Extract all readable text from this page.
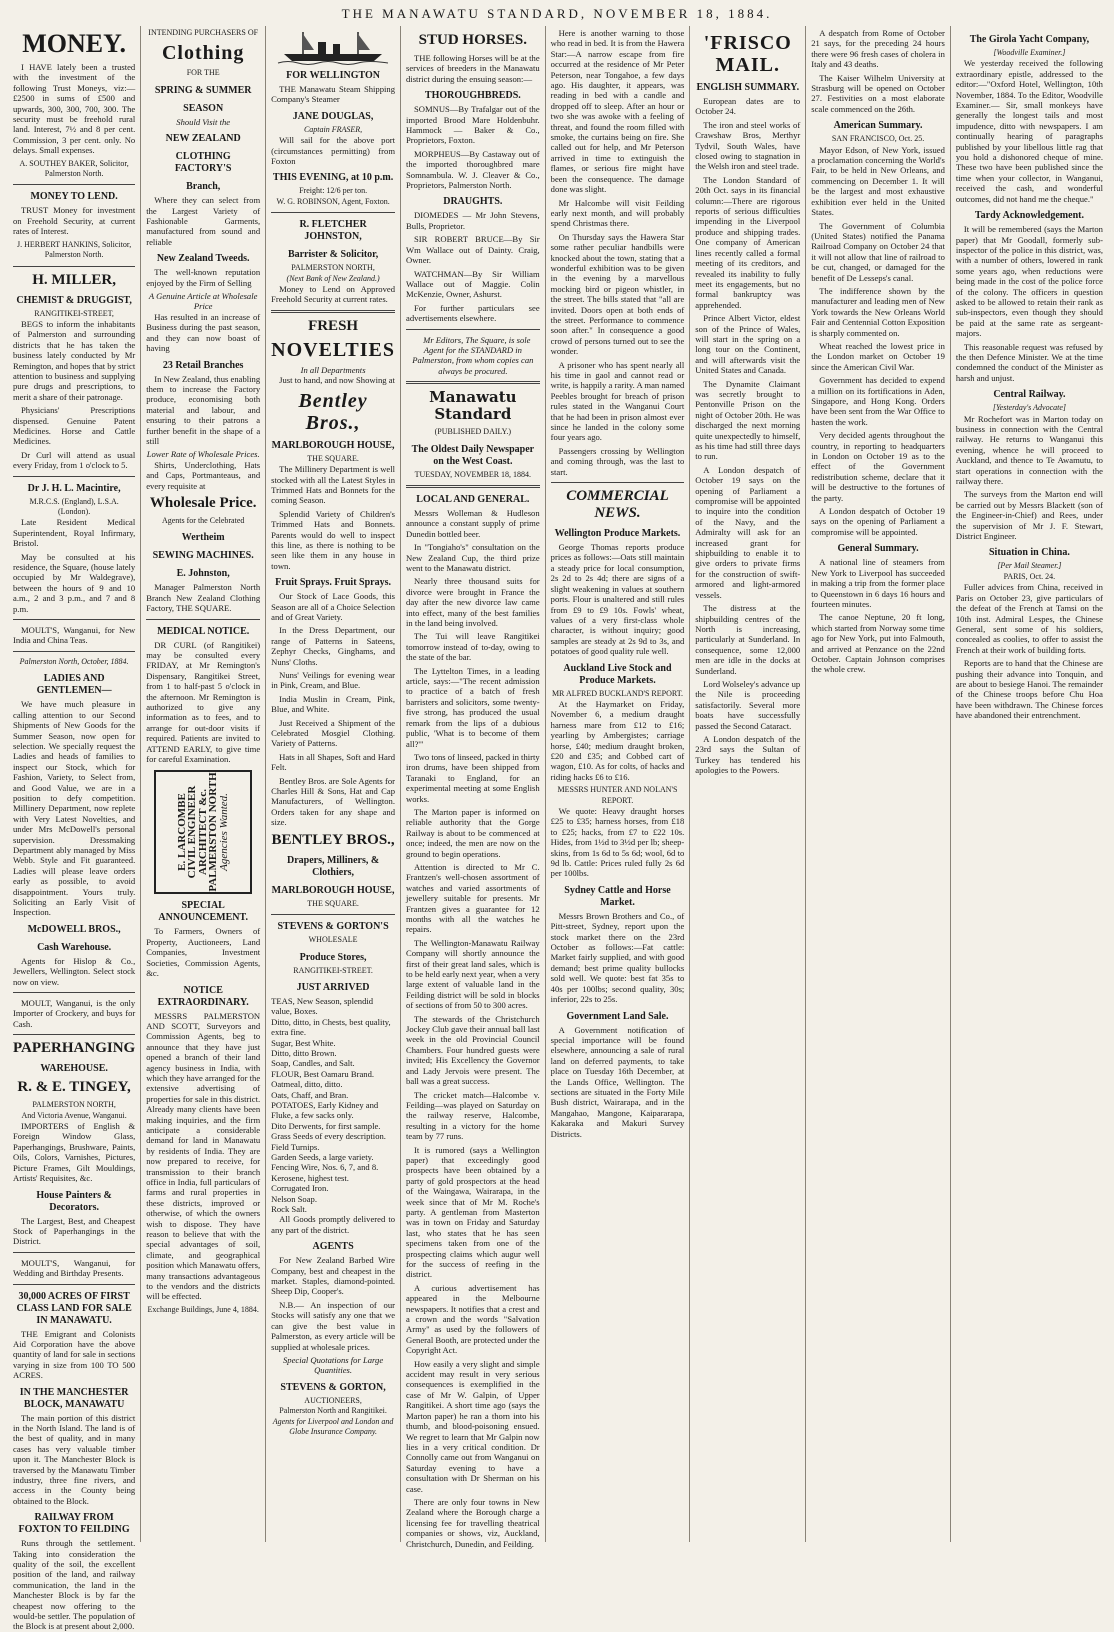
THE MANAWATU STANDARD, NOVEMBER 18, 1884.
MONEY.

I HAVE lately been a trusted with the investment of the following Trust Moneys, viz:— £2500 in sums of £500 and upwards, 300, 300, 700, 300. The security must be freehold rural land. Interest, 7½ and 8 per cent. Commission, 3 per cent. only. No delays. Small expenses.

A. SOUTHEY BAKER, Solicitor, Palmerston North.
MONEY TO LEND.

TRUST Money for investment on Freehold Security, at current rates of Interest.

J. HERBERT HANKINS, Solicitor, Palmerston North.
H. MILLER,
CHEMIST & DRUGGIST,
RANGITIKEI-STREET,

BEGS to inform the inhabitants of Palmerston and surrounding districts that he has taken the business lately conducted by Mr Remington, and hopes that by strict attention to business and supplying pure drugs and prescriptions, to merit a share of their patronage.

Physicians' Prescriptions dispensed. Genuine Patent Medicines. Horse and Cattle Medicines.

Dr Curl will attend as usual every Friday, from 1 o'clock to 5.

Dr J. H. L. Macintire,
M.R.C.S. (England), L.S.A. (London).

Late Resident Medical Superintendent, Royal Infirmary, Bristol.

May be consulted at his residence, the Square, (house lately occupied by Mr Waldegrave), between the hours of 9 and 10 a.m., 2 and 3 p.m., and 7 and 8 p.m.

MOULT'S, Wanganui, for New India and China Teas.

Palmerston North, October, 1884.
LADIES AND GENTLEMEN—

We have much pleasure in calling attention to our Second Shipments of New Goods for the Summer Season, now open for selection. We specially request the Ladies and heads of families to inspect our Stock, which for Fashion, Variety, to Select from, and Good Value, we are in a position to defy competition. Millinery Department, now replete with Very Latest Novelties, and under Mrs McDowell's personal supervision. Dressmaking Department ably managed by Miss Webb. Style and Fit guaranteed. Ladies will please leave orders early as possible, to avoid disappointment. Yours truly. Soliciting an Early Visit of Inspection.

McDOWELL BROS.,
Cash Warehouse.

Agents for Hislop & Co., Jewellers, Wellington. Select stock now on view.

MOULT, Wanganui, is the only Importer of Crockery, and buys for Cash.

PAPERHANGING
WAREHOUSE.
R. & E. TINGEY,
PALMERSTON NORTH,
And Victoria Avenue, Wanganui.

IMPORTERS of English & Foreign Window Glass, Paperhangings, Brushware, Paints, Oils, Colors, Varnishes, Pictures, Picture Frames, Gilt Mouldings, Artists' Requisites, &c.

House Painters & Decorators.

The Largest, Best, and Cheapest Stock of Paperhangings in the District.

MOULT'S, Wanganui, for Wedding and Birthday Presents.

30,000 ACRES OF FIRST CLASS LAND FOR SALE IN MANAWATU.

THE Emigrant and Colonists Aid Corporation have the above quantity of land for sale in sections varying in size from 100 TO 500 ACRES.

IN THE MANCHESTER BLOCK, MANAWATU

The main portion of this district in the North Island. The land is of the best of quality, and in many cases has very valuable timber upon it. The Manchester Block is traversed by the Manawatu Timber industry, three fine rivers, and access in the County being obtained to the Block.

RAILWAY FROM FOXTON TO FEILDING

Runs through the settlement. Taking into consideration the quality of the soil, the excellent position of the land, and railway communication, the land in the Manchester Block is by far the cheapest now offering to the would-be settler. The population of the Block is at present about 2,000.

INTENDING PURCHASERS OF
Clothing
FOR THE
SPRING & SUMMER
SEASON
Should Visit the
NEW ZEALAND
CLOTHING FACTORY'S
Branch,

Where they can select from the Largest Variety of Fashionable Garments, manufactured from sound and reliable

New Zealand Tweeds.

The well-known reputation enjoyed by the Firm of Selling

A Genuine Article at Wholesale Price

Has resulted in an increase of Business during the past season, and they can now boast of having

23 Retail Branches

In New Zealand, thus enabling them to increase the Factory produce, economising both material and labour, and ensuring to their patrons a further benefit in the shape of a still

Lower Rate of Wholesale Prices.

Shirts, Underclothing, Hats and Caps, Portmanteaus, and every requisite at

Wholesale Price.
Agents for the Celebrated
Wertheim
SEWING MACHINES.
E. Johnston,

Manager Palmerston North Branch New Zealand Clothing Factory, THE SQUARE.

MEDICAL NOTICE.

DR CURL (of Rangitikei) may be consulted every FRIDAY, at Mr Remington's Dispensary, Rangitikei Street, from 1 to half-past 5 o'clock in the afternoon. Mr Remington is authorized to give any information as to fees, and to arrange for out-door visits if required. Patients are invited to ATTEND EARLY, to give time for careful Examination.

E. LARCOMBE
CIVIL ENGINEER
ARCHITECT &c.
PALMERSTON NORTH
Agencies Wanted.
SPECIAL ANNOUNCEMENT.

To Farmers, Owners of Property, Auctioneers, Land Companies, Investment Societies, Commission Agents, &c.

NOTICE EXTRAORDINARY.

MESSRS PALMERSTON AND SCOTT, Surveyors and Commission Agents, beg to announce that they have just opened a branch of their land agency business in India, with which they have arranged for the extensive advertising of properties for sale in this district. Already many clients have been making inquiries, and the firm anticipate a considerable demand for land in Manawatu by residents of India. They are now prepared to receive, for transmission to their branch office in India, full particulars of farms and rural properties in these districts, improved or otherwise, of which the owners wish to dispose. They have reason to believe that with the special advantages of soil, climate, and geographical position which Manawatu offers, many transactions advantageous to the vendors and the districts will be effected.

Exchange Buildings, June 4, 1884.
FOR WELLINGTON

THE Manawatu Steam Shipping Company's Steamer

JANE DOUGLAS,
Captain FRASER,

Will sail for the above port (circumstances permitting) from Foxton

THIS EVENING, at 10 p.m.
Freight: 12/6 per ton.
W. G. ROBINSON, Agent, Foxton.
R. FLETCHER JOHNSTON,
Barrister & Solicitor,
PALMERSTON NORTH,
(Next Bank of New Zealand.)

Money to Lend on Approved Freehold Security at current rates.

FRESH
NOVELTIES
In all Departments

Just to hand, and now Showing at

Bentley Bros.,
MARLBOROUGH HOUSE,
THE SQUARE.

The Millinery Department is well stocked with all the Latest Styles in Trimmed Hats and Bonnets for the coming Season.

Splendid Variety of Children's Trimmed Hats and Bonnets. Parents would do well to inspect this line, as there is nothing to be seen like them in any house in town.

Fruit Sprays. Fruit Sprays.

Our Stock of Lace Goods, this Season are all of a Choice Selection and of Great Variety.

In the Dress Department, our range of Patterns in Sateens, Zephyr Checks, Ginghams, and Nuns' Cloths.

Nuns' Veilings for evening wear in Pink, Cream, and Blue.

India Muslin in Cream, Pink, Blue, and White.

Just Received a Shipment of the Celebrated Mosgiel Clothing. Variety of Patterns.

Hats in all Shapes, Soft and Hard Felt.

Bentley Bros. are Sole Agents for Charles Hill & Sons, Hat and Cap Manufacturers, of Wellington. Orders taken for any shape and size.

BENTLEY BROS.,
Drapers, Milliners, & Clothiers,
MARLBOROUGH HOUSE,
THE SQUARE.
STEVENS & GORTON'S
WHOLESALE
Produce Stores,
RANGITIKEI-STREET.
JUST ARRIVED
TEAS, New Season, splendid value, Boxes.
Ditto, ditto, in Chests, best quality, extra fine.
Sugar, Best White.
Ditto, ditto Brown.
Soap, Candles, and Salt.
FLOUR, Best Oamaru Brand.
Oatmeal, ditto, ditto.
Oats, Chaff, and Bran.
POTATOES, Early Kidney and Fluke, a few sacks only.
Dito Derwents, for first sample.
Grass Seeds of every description.
Field Turnips.
Garden Seeds, a large variety.
Fencing Wire, Nos. 6, 7, and 8.
Kerosene, highest test.
Corrugated Iron.
Nelson Soap.
Rock Salt.

All Goods promptly delivered to any part of the district.

AGENTS

For New Zealand Barbed Wire Company, best and cheapest in the market. Staples, diamond-pointed. Sheep Dip, Cooper's.

N.B.— An inspection of our Stocks will satisfy any one that we can give the best value in Palmerston, as every article will be supplied at wholesale prices.

Special Quotations for Large Quantities.
STEVENS & GORTON,
AUCTIONEERS,
Palmerston North and Rangitikei.
Agents for Liverpool and London and Globe Insurance Company.
STUD HORSES.

THE following Horses will be at the services of breeders in the Manawatu district during the ensuing season:—

THOROUGHBREDS.

SOMNUS—By Trafalgar out of the imported Brood Mare Holdenbuhr. Hammock — Baker & Co., Proprietors, Foxton.

MORPHEUS—By Castaway out of the imported thoroughbred mare Somnambula. W. J. Cleaver & Co., Proprietors, Palmerston North.

DRAUGHTS.

DIOMEDES — Mr John Stevens, Bulls, Proprietor.

SIR ROBERT BRUCE—By Sir Wm Wallace out of Dainty. Craig, Owner.

WATCHMAN—By Sir William Wallace out of Maggie. Colin McKenzie, Owner, Ashurst.

For further particulars see advertisements elsewhere.

Mr Editors, The Square, is sole Agent for the STANDARD in Palmerston, from whom copies can always be procured.

Manawatu Standard
(PUBLISHED DAILY.)
The Oldest Daily Newspaper on the West Coast.
TUESDAY, NOVEMBER 18, 1884.
LOCAL AND GENERAL.

Messrs Wolleman & Hudleson announce a constant supply of prime Dunedin bottled beer.

In "Tongiaho's" consultation on the New Zealand Cup, the third prize went to the Manawatu district.

Nearly three thousand suits for divorce were brought in France the day after the new divorce law came into effect, many of the best families in the land being involved.

The Tui will leave Rangitikei tomorrow instead of to-day, owing to the state of the bar.

The Lyttelton Times, in a leading article, says:—"The recent admission to practice of a batch of fresh barristers and solicitors, some twenty-five strong, has produced the usual remark from the lips of a dubious public, 'What is to become of them all?'"

Two tons of linseed, packed in thirty iron drums, have been shipped from Taranaki to England, for an experimental meeting at some English works.

The Marton paper is informed on reliable authority that the Gorge Railway is about to be commenced at once; indeed, the men are now on the ground to begin operations.

Attention is directed to Mr C. Frantzen's well-chosen assortment of watches and varied assortments of jewellery suitable for presents. Mr Frantzen gives a guarantee for 12 months with all the watches he repairs.

The Wellington-Manawatu Railway Company will shortly announce the first of their great land sales, which is to be held early next year, when a very large extent of valuable land in the Feilding district will be sold in blocks of sections of from 50 to 300 acres.

The stewards of the Christchurch Jockey Club gave their annual ball last week in the old Provincial Council Chambers. Four hundred guests were invited; His Excellency the Governor and Lady Jervois were present. The ball was a great success.

The cricket match—Halcombe v. Feilding—was played on Saturday on the railway reserve, Halcombe, resulting in a victory for the home team by 77 runs.

It is rumored (says a Wellington paper) that exceedingly good prospects have been obtained by a party of gold prospectors at the head of the Waingawa, Wairarapa, in the week since that of Mr M. Roche's party. A gentleman from Masterton was in town on Friday and Saturday last, who states that he has seen specimens taken from one of the prospecting claims which augur well for the success of reefing in the district.

A curious advertisement has appeared in the Melbourne newspapers. It notifies that a crest and a crown and the words "Salvation Army" as used by the followers of General Booth, are protected under the Copyright Act.

How easily a very slight and simple accident may result in very serious consequences is exemplified in the case of Mr W. Galpin, of Upper Rangitikei. A short time ago (says the Marton paper) he ran a thorn into his thumb, and blood-poisoning ensued. We regret to learn that Mr Galpin now lies in a very critical condition. Dr Connolly came out from Wanganui on Saturday evening to have a consultation with Dr Sherman on his case.

There are only four towns in New Zealand where the Borough charge a licensing fee for travelling theatrical companies or shows, viz, Auckland, Christchurch, Dunedin, and Feilding.

Here is another warning to those who read in bed. It is from the Hawera Star:—A narrow escape from fire occurred at the residence of Mr Peter Peterson, near Tongahoe, a few days ago. His daughter, it appears, was reading in bed with a candle and dropped off to sleep. After an hour or two she was awoke with a feeling of threat, and found the room filled with smoke, the curtains being on fire. She called out for help, and Mr Peterson arrived in time to extinguish the flames, or serious fire might have been the consequence. The damage done was slight.

Mr Halcombe will visit Feilding early next month, and will probably spend Christmas there.

On Thursday says the Hawera Star some rather peculiar handbills were knocked about the town, stating that a wonderful exhibition was to be given in the evening by a marvellous mocking bird or pigeon whistler, in the street. The bills stated that "all are invited. Doors open at both ends of the street. Performance to commence soon after." In consequence a good crowd of persons turned out to see the wonder.

A prisoner who has spent nearly all his time in gaol and cannot read or write, is happily a rarity. A man named Peebles brought for breach of prison rules stated in the Wanganui Court that he had been in prison almost ever since he landed in the colony some four years ago.

Passengers crossing by Wellington and coming through, was the last to start.

COMMERCIAL NEWS.
Wellington Produce Markets.

George Thomas reports produce prices as follows:—Oats still maintain a steady price for local consumption, 2s 2d to 2s 4d; there are signs of a slight weakening in values at southern ports. Flour is unaltered and still rules from £9 to £9 10s. Fowls' wheat, values of a very first-class whole character, is without inquiry; good samples are steady at 2s 9d to 3s, and potatoes of good quality rule well.

Auckland Live Stock and Produce Markets.
MR ALFRED BUCKLAND'S REPORT.

At the Haymarket on Friday, November 6, a medium draught harness mare from £12 to £16; yearling by Ambergistes; carriage horse, £40; medium draught broken, £20 and £35; and Cobbed cart of wagon, £10. As for colts, of hacks and riding hacks £6 to £16.

MESSRS HUNTER AND NOLAN'S REPORT.

We quote: Heavy draught horses £25 to £35; harness horses, from £18 to £25; hacks, from £7 to £22 10s. Hides, from 1½d to 3½d per lb; sheep-skins, from 1s 6d to 5s 6d; wool, 6d to 9d lb. Cattle: Prices ruled fully 2s 6d per 100lbs.

Sydney Cattle and Horse Market.

Messrs Brown Brothers and Co., of Pitt-street, Sydney, report upon the stock market there on the 23rd October as follows:—Fat cattle: Market fairly supplied, and with good demand; best prime quality bullocks sold well. We quote: best fat 35s to 40s per 100lbs; second quality, 30s; inferior, 22s to 25s.

Government Land Sale.

A Government notification of special importance will be found elsewhere, announcing a sale of rural land on deferred payments, to take place on Tuesday 16th December, at the Lands Office, Wellington. The sections are situated in the Forty Mile Bush district, Wairarapa, and in the Mangahao, Mangone, Kaipararapa, Kakaraka and Makuri Survey Districts.

'FRISCO MAIL.
ENGLISH SUMMARY.

European dates are to October 24.

The iron and steel works of Crawshaw Bros, Merthyr Tydvil, South Wales, have closed owing to stagnation in the Welsh iron and steel trade.

The London Standard of 20th Oct. says in its financial column:—There are rigorous reports of serious difficulties impending in the Liverpool produce and shipping trades. One company of American lines recently called a formal meeting of its creditors, and revealed its inability to fully meet its engagements, but no formal bankruptcy was apprehended.

Prince Albert Victor, eldest son of the Prince of Wales, will start in the spring on a long tour on the Continent, and will afterwards visit the United States and Canada.

The Dynamite Claimant was secretly brought to Pentonville Prison on the night of October 20th. He was discharged the next morning quite unexpectedly to himself, as his time had still three days to run.

A London despatch of October 19 says on the opening of Parliament a compromise will be appointed to inquire into the condition of the Navy, and the Admiralty will ask for an increased grant for shipbuilding to enable it to give orders to private firms for the construction of swift-armored and light-armored vessels.

The distress at the shipbuilding centres of the North is increasing, particularly at Sunderland. In consequence, some 12,000 men are idle in the docks at Sunderland.

Lord Wolseley's advance up the Nile is proceeding satisfactorily. Several more boats have successfully passed the Second Cataract.

A London despatch of the 23rd says the Sultan of Turkey has tendered his apologies to the Powers.

A despatch from Rome of October 21 says, for the preceding 24 hours there were 96 fresh cases of cholera in Italy and 43 deaths.

The Kaiser Wilhelm University at Strasburg will be opened on October 27. Festivities on a most elaborate scale commenced on the 26th.

American Summary.
SAN FRANCISCO, Oct. 25.

Mayor Edson, of New York, issued a proclamation concerning the World's Fair, to be held in New Orleans, and commencing on December 1. It will be the largest and most exhaustive exhibition ever held in the United States.

The Government of Columbia (United States) notified the Panama Railroad Company on October 24 that it will not allow that line of railroad to be cut, changed, or damaged for the benefit of De Lesseps's canal.

The indifference shown by the manufacturer and leading men of New York towards the New Orleans World Fair and Centennial Cotton Exposition is sharply commented on.

Wheat reached the lowest price in the London market on October 19 since the American Civil War.

Government has decided to expend a million on its fortifications in Aden, Singapore, and Hong Kong. Orders have been sent from the War Office to hasten the work.

Very decided agents throughout the country, in reporting to headquarters in London on October 19 as to the effect of the Government redistribution scheme, declare that it will be destructive to the fortunes of the party.

A London despatch of October 19 says on the opening of Parliament a compromise will be appointed.

General Summary.

A national line of steamers from New York to Liverpool has succeeded in making a trip from the former place to Queenstown in 6 days 16 hours and fourteen minutes.

The canoe Neptune, 20 ft long, which started from Norway some time ago for New York, put into Falmouth, and arrived at Penzance on the 22nd October. Captain Johnson comprises the whole crew.

The Girola Yacht Company,
[Woodville Examiner.]

We yesterday received the following extraordinary epistle, addressed to the editor:—"Oxford Hotel, Wellington, 10th November, 1884. To the Editor, Woodville Examiner.— Sir, small monkeys have generally the longest tails and most impudence, ditto with newspapers. I am continually hearing of paragraphs published by your libellous little rag that you hold a dishonored cheque of mine. These two have been published since the time when your collector, in Wanganui, received the cash, and wonderful outcomes, did not hand me the cheque."

Tardy Acknowledgement.

It will be remembered (says the Marton paper) that Mr Goodall, formerly sub-inspector of the police in this district, was, with a number of others, lowered in rank some years ago, when reductions were being made in the cost of the police force of the colony. The officers in question asked to be allowed to retain their rank as sub-inspectors, even though they should be paid at the same rate as sergeant-majors.

This reasonable request was refused by the then Defence Minister. We at the time condemned the conduct of the Minister as harsh and unjust.

Central Railway.
[Yesterday's Advocate]

Mr Rochefort was in Marton today on business in connection with the Central railway. He returns to Wanganui this evening, whence he will proceed to Auckland, and thence to Te Awamutu, to start operations in connection with the railway there.

The surveys from the Marton end will be carried out by Messrs Blackett (son of the Engineer-in-Chief) and Rees, under the supervision of Mr J. F. Stewart, District Engineer.

Situation in China.
[Per Mail Steamer.]
PARIS, Oct. 24.

Fuller advices from China, received in Paris on October 23, give particulars of the defeat of the French at Tamsi on the 10th inst. Admiral Lespes, the Chinese General, sent some of his soldiers, concealed as coolies, to offer to assist the French at their work of building forts.

Reports are to hand that the Chinese are pushing their advance into Tonquin, and are about to besiege Hanoi. The remainder of the Chinese troops before Chu Hoa have been withdrawn. The Chinese forces have abandoned their entrenchment.
